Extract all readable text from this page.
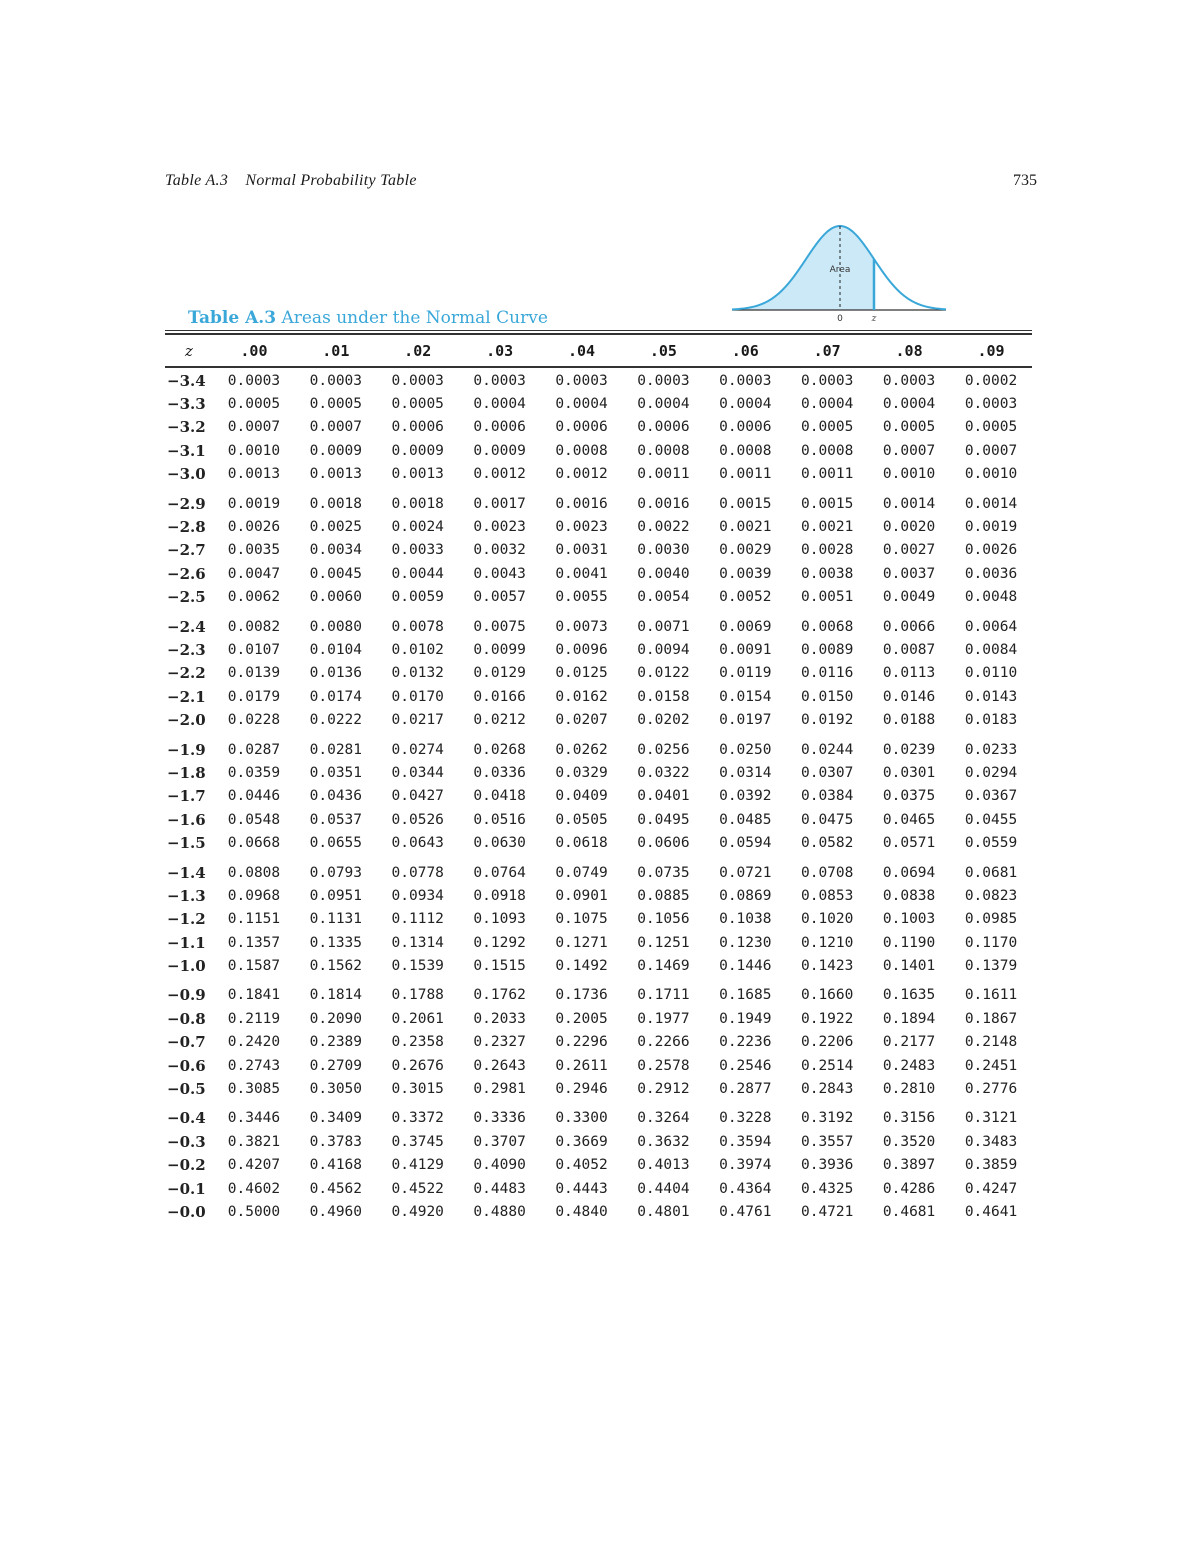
Table A.3    Normal Probability Table	735
Area
0	z
Table A.3 Areas under the Normal Curve
z	.00	.01	.02	.03	.04	.05	.06	.07	.08	.09
−3.4	0.0003	0.0003	0.0003	0.0003	0.0003	0.0003	0.0003	0.0003	0.0003	0.0002
−3.3	0.0005	0.0005	0.0005	0.0004	0.0004	0.0004	0.0004	0.0004	0.0004	0.0003
−3.2	0.0007	0.0007	0.0006	0.0006	0.0006	0.0006	0.0006	0.0005	0.0005	0.0005
−3.1	0.0010	0.0009	0.0009	0.0009	0.0008	0.0008	0.0008	0.0008	0.0007	0.0007
−3.0	0.0013	0.0013	0.0013	0.0012	0.0012	0.0011	0.0011	0.0011	0.0010	0.0010
−2.9	0.0019	0.0018	0.0018	0.0017	0.0016	0.0016	0.0015	0.0015	0.0014	0.0014
−2.8	0.0026	0.0025	0.0024	0.0023	0.0023	0.0022	0.0021	0.0021	0.0020	0.0019
−2.7	0.0035	0.0034	0.0033	0.0032	0.0031	0.0030	0.0029	0.0028	0.0027	0.0026
−2.6	0.0047	0.0045	0.0044	0.0043	0.0041	0.0040	0.0039	0.0038	0.0037	0.0036
−2.5	0.0062	0.0060	0.0059	0.0057	0.0055	0.0054	0.0052	0.0051	0.0049	0.0048
−2.4	0.0082	0.0080	0.0078	0.0075	0.0073	0.0071	0.0069	0.0068	0.0066	0.0064
−2.3	0.0107	0.0104	0.0102	0.0099	0.0096	0.0094	0.0091	0.0089	0.0087	0.0084
−2.2	0.0139	0.0136	0.0132	0.0129	0.0125	0.0122	0.0119	0.0116	0.0113	0.0110
−2.1	0.0179	0.0174	0.0170	0.0166	0.0162	0.0158	0.0154	0.0150	0.0146	0.0143
−2.0	0.0228	0.0222	0.0217	0.0212	0.0207	0.0202	0.0197	0.0192	0.0188	0.0183
−1.9	0.0287	0.0281	0.0274	0.0268	0.0262	0.0256	0.0250	0.0244	0.0239	0.0233
−1.8	0.0359	0.0351	0.0344	0.0336	0.0329	0.0322	0.0314	0.0307	0.0301	0.0294
−1.7	0.0446	0.0436	0.0427	0.0418	0.0409	0.0401	0.0392	0.0384	0.0375	0.0367
−1.6	0.0548	0.0537	0.0526	0.0516	0.0505	0.0495	0.0485	0.0475	0.0465	0.0455
−1.5	0.0668	0.0655	0.0643	0.0630	0.0618	0.0606	0.0594	0.0582	0.0571	0.0559
−1.4	0.0808	0.0793	0.0778	0.0764	0.0749	0.0735	0.0721	0.0708	0.0694	0.0681
−1.3	0.0968	0.0951	0.0934	0.0918	0.0901	0.0885	0.0869	0.0853	0.0838	0.0823
−1.2	0.1151	0.1131	0.1112	0.1093	0.1075	0.1056	0.1038	0.1020	0.1003	0.0985
−1.1	0.1357	0.1335	0.1314	0.1292	0.1271	0.1251	0.1230	0.1210	0.1190	0.1170
−1.0	0.1587	0.1562	0.1539	0.1515	0.1492	0.1469	0.1446	0.1423	0.1401	0.1379
−0.9	0.1841	0.1814	0.1788	0.1762	0.1736	0.1711	0.1685	0.1660	0.1635	0.1611
−0.8	0.2119	0.2090	0.2061	0.2033	0.2005	0.1977	0.1949	0.1922	0.1894	0.1867
−0.7	0.2420	0.2389	0.2358	0.2327	0.2296	0.2266	0.2236	0.2206	0.2177	0.2148
−0.6	0.2743	0.2709	0.2676	0.2643	0.2611	0.2578	0.2546	0.2514	0.2483	0.2451
−0.5	0.3085	0.3050	0.3015	0.2981	0.2946	0.2912	0.2877	0.2843	0.2810	0.2776
−0.4	0.3446	0.3409	0.3372	0.3336	0.3300	0.3264	0.3228	0.3192	0.3156	0.3121
−0.3	0.3821	0.3783	0.3745	0.3707	0.3669	0.3632	0.3594	0.3557	0.3520	0.3483
−0.2	0.4207	0.4168	0.4129	0.4090	0.4052	0.4013	0.3974	0.3936	0.3897	0.3859
−0.1	0.4602	0.4562	0.4522	0.4483	0.4443	0.4404	0.4364	0.4325	0.4286	0.4247
−0.0	0.5000	0.4960	0.4920	0.4880	0.4840	0.4801	0.4761	0.4721	0.4681	0.4641
